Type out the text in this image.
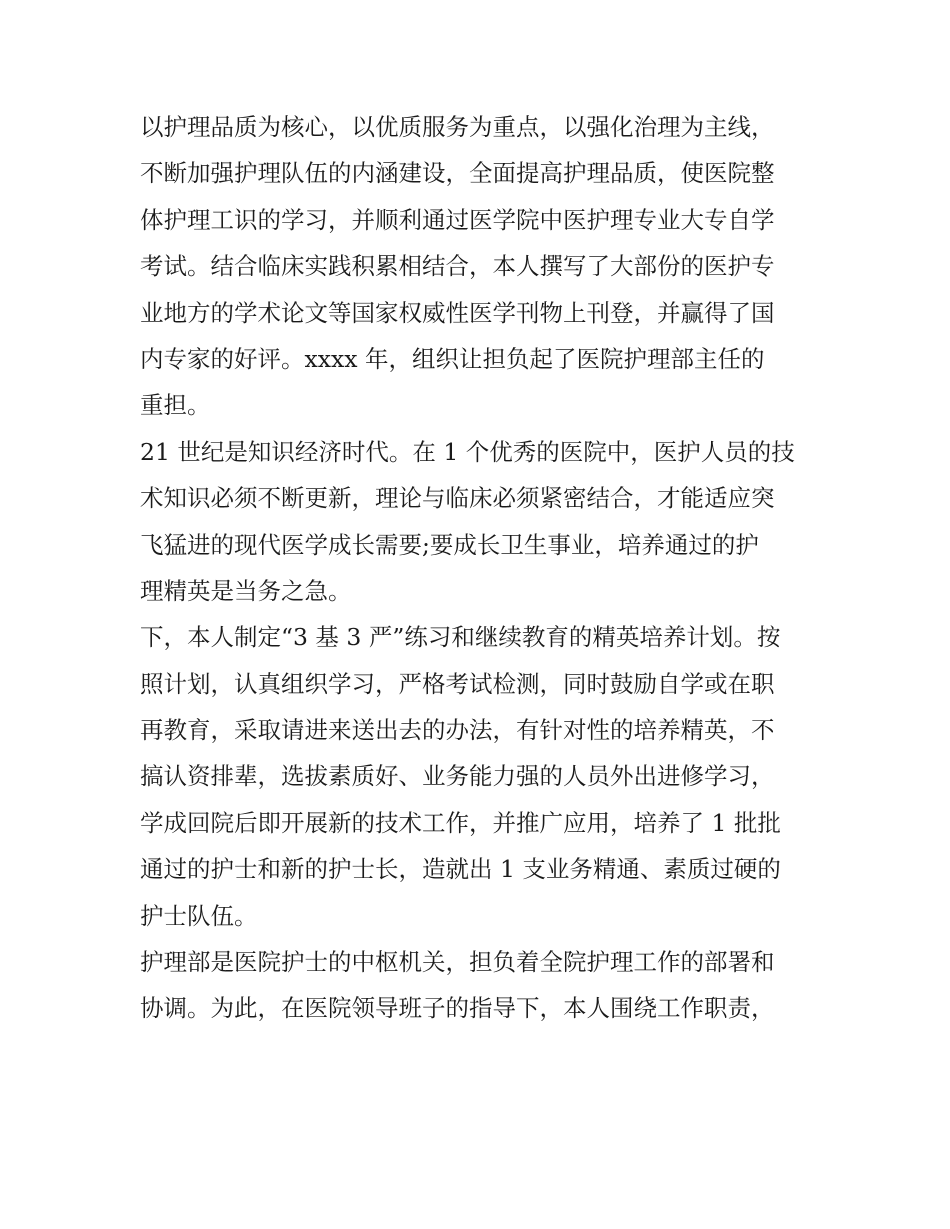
以护理品质为核心，以优质服务为重点，以强化治理为主线，
不断加强护理队伍的内涵建设，全面提高护理品质，使医院整
体护理工识的学习，并顺利通过医学院中医护理专业大专自学
考试。结合临床实践积累相结合，本人撰写了大部份的医护专
业地方的学术论文等国家权威性医学刊物上刊登，并赢得了国
内专家的好评。xxxx 年，组织让担负起了医院护理部主任的
重担。
21 世纪是知识经济时代。在 1 个优秀的医院中，医护人员的技
术知识必须不断更新，理论与临床必须紧密结合，才能适应突
飞猛进的现代医学成长需要;要成长卫生事业，培养通过的护
理精英是当务之急。
下，本人制定“3 基 3 严”练习和继续教育的精英培养计划。按
照计划，认真组织学习，严格考试检测，同时鼓励自学或在职
再教育，采取请进来送出去的办法，有针对性的培养精英，不
搞认资排辈，选拔素质好、业务能力强的人员外出进修学习，
学成回院后即开展新的技术工作，并推广应用，培养了 1 批批
通过的护士和新的护士长，造就出 1 支业务精通、素质过硬的
护士队伍。
护理部是医院护士的中枢机关，担负着全院护理工作的部署和
协调。为此，在医院领导班子的指导下，本人围绕工作职责，
